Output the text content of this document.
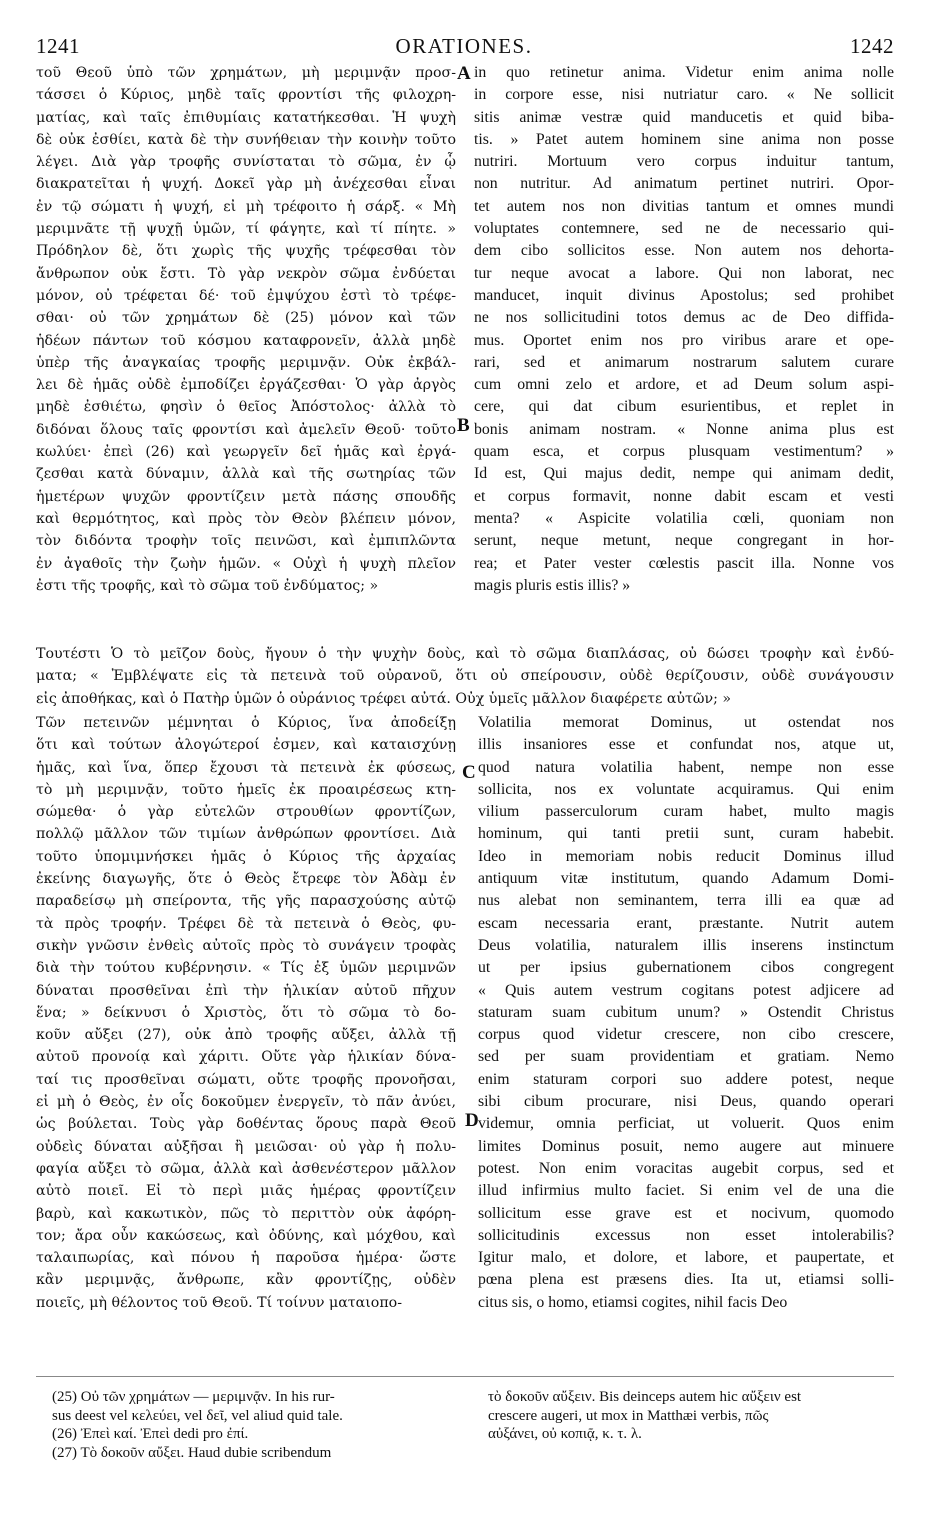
1241	ORATIONES.	1242
τοῦ Θεοῦ ὑπὸ τῶν χρημάτων, μὴ μεριμνᾷν προσ-
τάσσει ὁ Κύριος, μηδὲ ταῖς φροντίσι τῆς φιλοχρη-
ματίας, καὶ ταῖς ἐπιθυμίαις κατατήκεσθαι. Ἡ ψυχὴ
δὲ οὐκ ἐσθίει, κατὰ δὲ τὴν συνήθειαν τὴν κοινὴν τοῦτο
λέγει. Διὰ γὰρ τροφῆς συνίσταται τὸ σῶμα, ἐν ᾧ
διακρατεῖται ἡ ψυχή. Δοκεῖ γὰρ μὴ ἀνέχεσθαι εἶναι
ἐν τῷ σώματι ἡ ψυχή, εἰ μὴ τρέφοιτο ἡ σάρξ. « Μὴ
μεριμνᾶτε τῇ ψυχῇ ὑμῶν, τί φάγητε, καὶ τί πίητε. »
Πρόδηλον δὲ, ὅτι χωρὶς τῆς ψυχῆς τρέφεσθαι τὸν
ἄνθρωπον οὐκ ἔστι. Τὸ γὰρ νεκρὸν σῶμα ἐνδύεται
μόνον, οὐ τρέφεται δέ· τοῦ ἐμψύχου ἐστὶ τὸ τρέφε-
σθαι· οὐ τῶν χρημάτων δὲ (25) μόνον καὶ τῶν
ἡδέων πάντων τοῦ κόσμου καταφρονεῖν, ἀλλὰ μηδὲ
ὑπὲρ τῆς ἀναγκαίας τροφῆς μεριμνᾷν. Οὐκ ἐκβάλ-
λει δὲ ἡμᾶς οὐδὲ ἐμποδίζει ἐργάζεσθαι· Ὁ γὰρ ἀργὸς
μηδὲ ἐσθιέτω, φησὶν ὁ θεῖος Ἀπόστολος· ἀλλὰ τὸ
διδόναι ὅλους ταῖς φροντίσι καὶ ἀμελεῖν Θεοῦ· τοῦτο
κωλύει· ἐπεὶ (26) καὶ γεωργεῖν δεῖ ἡμᾶς καὶ ἐργά-
ζεσθαι κατὰ δύναμιν, ἀλλὰ καὶ τῆς σωτηρίας τῶν
ἡμετέρων ψυχῶν φροντίζειν μετὰ πάσης σπουδῆς
καὶ θερμότητος, καὶ πρὸς τὸν Θεὸν βλέπειν μόνον,
τὸν διδόντα τροφὴν τοῖς πεινῶσι, καὶ ἐμπιπλῶντα
ἐν ἀγαθοῖς τὴν ζωὴν ἡμῶν. « Οὐχὶ ἡ ψυχὴ πλεῖον
ἐστι τῆς τροφῆς, καὶ τὸ σῶμα τοῦ ἐνδύματος; »
in quo retinetur anima. Videtur enim anima nolle
in corpore esse, nisi nutriatur caro. « Ne sollicit
sitis animæ vestræ quid manducetis et quid biba-
tis. » Patet autem hominem sine anima non posse
nutriri. Mortuum vero corpus induitur tantum,
non nutritur. Ad animatum pertinet nutriri. Opor-
tet autem nos non divitias tantum et omnes mundi
voluptates contemnere, sed ne de necessario qui-
dem cibo sollicitos esse. Non autem nos dehorta-
tur neque avocat a labore. Qui non laborat, nec
manducet, inquit divinus Apostolus; sed prohibet
ne nos sollicitudini totos demus ac de Deo diffida-
mus. Oportet enim nos pro viribus arare et ope-
rari, sed et animarum nostrarum salutem curare
cum omni zelo et ardore, et ad Deum solum aspi-
cere, qui dat cibum esurientibus, et replet in
bonis animam nostram. « Nonne anima plus est
quam esca, et corpus plusquam vestimentum? »
Id est, Qui majus dedit, nempe qui animam dedit,
et corpus formavit, nonne dabit escam et vesti
menta? « Aspicite volatilia cœli, quoniam non
serunt, neque metunt, neque congregant in hor-
rea; et Pater vester cœlestis pascit illa. Nonne vos
magis pluris estis illis? »
Τουτέστι Ὁ τὸ μεῖζον δοὺς, ἤγουν ὁ τὴν ψυχὴν δοὺς, καὶ τὸ σῶμα διαπλάσας, οὐ δώσει τροφὴν καὶ ἐνδύ-
ματα; « Ἐμβλέψατε εἰς τὰ πετεινὰ τοῦ οὐρανοῦ, ὅτι οὐ σπείρουσιν, οὐδὲ θερίζουσιν, οὐδὲ συνάγουσιν
εἰς ἀποθήκας, καὶ ὁ Πατὴρ ὑμῶν ὁ οὐράνιος τρέφει αὐτά. Οὐχ ὑμεῖς μᾶλλον διαφέρετε αὐτῶν; »
Τῶν πετεινῶν μέμνηται ὁ Κύριος, ἵνα ἀποδείξῃ
ὅτι καὶ τούτων ἀλογώτεροί ἐσμεν, καὶ καταισχύνῃ
ἡμᾶς, καὶ ἵνα, ὅπερ ἔχουσι τὰ πετεινὰ ἐκ φύσεως,
τὸ μὴ μεριμνᾷν, τοῦτο ἡμεῖς ἐκ προαιρέσεως κτη-
σώμεθα· ὁ γὰρ εὐτελῶν στρουθίων φροντίζων,
πολλῷ μᾶλλον τῶν τιμίων ἀνθρώπων φροντίσει. Διὰ
τοῦτο ὑπομιμνήσκει ἡμᾶς ὁ Κύριος τῆς ἀρχαίας
ἐκείνης διαγωγῆς, ὅτε ὁ Θεὸς ἔτρεφε τὸν Ἀδὰμ ἐν
παραδείσῳ μὴ σπείροντα, τῆς γῆς παρασχούσης αὐτῷ
τὰ πρὸς τροφήν. Τρέφει δὲ τὰ πετεινὰ ὁ Θεὸς, φυ-
σικὴν γνῶσιν ἐνθεὶς αὐτοῖς πρὸς τὸ συνάγειν τροφὰς
διὰ τὴν τούτου κυβέρνησιν. « Τίς ἐξ ὑμῶν μεριμνῶν
δύναται προσθεῖναι ἐπὶ τὴν ἡλικίαν αὐτοῦ πῆχυν
ἕνα; » δείκνυσι ὁ Χριστὸς, ὅτι τὸ σῶμα τὸ δο-
κοῦν αὔξει (27), οὐκ ἀπὸ τροφῆς αὔξει, ἀλλὰ τῇ
αὐτοῦ προνοίᾳ καὶ χάριτι. Οὔτε γὰρ ἡλικίαν δύνα-
ταί τις προσθεῖναι σώματι, οὔτε τροφῆς προνοῆσαι,
εἰ μὴ ὁ Θεὸς, ἐν οἷς δοκοῦμεν ἐνεργεῖν, τὸ πᾶν ἀνύει,
ὡς βούλεται. Τοὺς γὰρ δοθέντας ὅρους παρὰ Θεοῦ
οὐδεὶς δύναται αὐξῆσαι ἢ μειῶσαι· οὐ γὰρ ἡ πολυ-
φαγία αὔξει τὸ σῶμα, ἀλλὰ καὶ ἀσθενέστερον μᾶλλον
αὐτὸ ποιεῖ. Εἰ τὸ περὶ μιᾶς ἡμέρας φροντίζειν
βαρὺ, καὶ κακωτικὸν, πῶς τὸ περιττὸν οὐκ ἀφόρη-
τον; ἄρα οὖν κακώσεως, καὶ ὀδύνης, καὶ μόχθου, καὶ
ταλαιπωρίας, καὶ πόνου ἡ παροῦσα ἡμέρα· ὥστε
κἂν μεριμνᾷς, ἄνθρωπε, κἂν φροντίζῃς, οὐδὲν
ποιεῖς, μὴ θέλοντος τοῦ Θεοῦ. Τί τοίνυν ματαιοπο-
Volatilia memorat Dominus, ut ostendat nos
illis insaniores esse et confundat nos, atque ut,
quod natura volatilia habent, nempe non esse
sollicita, nos ex voluntate acquiramus. Qui enim
vilium passerculorum curam habet, multo magis
hominum, qui tanti pretii sunt, curam habebit.
Ideo in memoriam nobis reducit Dominus illud
antiquum vitæ institutum, quando Adamum Domi-
nus alebat non seminantem, terra illi ea quæ ad
escam necessaria erant, præstante. Nutrit autem
Deus volatilia, naturalem illis inserens instinctum
ut per ipsius gubernationem cibos congregent
« Quis autem vestrum cogitans potest adjicere ad
staturam suam cubitum unum? » Ostendit Christus
corpus quod videtur crescere, non cibo crescere,
sed per suam providentiam et gratiam. Nemo
enim staturam corpori suo addere potest, neque
sibi cibum procurare, nisi Deus, quando operari
videmur, omnia perficiat, ut voluerit. Quos enim
limites Dominus posuit, nemo augere aut minuere
potest. Non enim voracitas augebit corpus, sed et
illud infirmius multo faciet. Si enim vel de una die
sollicitum esse grave est et nocivum, quomodo
sollicitudinis excessus non esset intolerabilis?
Igitur malo, et dolore, et labore, et paupertate, et
pœna plena est præsens dies. Ita ut, etiamsi solli-
citus sis, o homo, etiamsi cogites, nihil facis Deo
A
B
C
D
(25) Οὐ τῶν χρημάτων — μεριμνᾷν. In his rur-
sus deest vel κελεύει, vel δεῖ, vel aliud quid tale.
(26) Ἐπεὶ καί. Ἐπεὶ dedi pro ἐπί.
(27) Τὸ δοκοῦν αὔξει. Haud dubie scribendum
τὸ δοκοῦν αὔξειν. Bis deinceps autem hic αὔξειν est
crescere augeri, ut mox in Matthæi verbis, πῶς
αὐξάνει, οὐ κοπιᾷ, κ. τ. λ.
